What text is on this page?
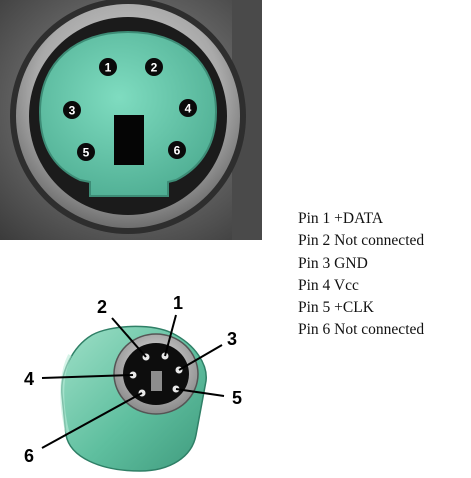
1	2
3	4
5	6
Pin 1 +DATA
Pin 2 Not connected
Pin 3 GND
Pin 4 Vcc
Pin 5 +CLK
Pin 6 Not connected
1
2
3
4
5
6
